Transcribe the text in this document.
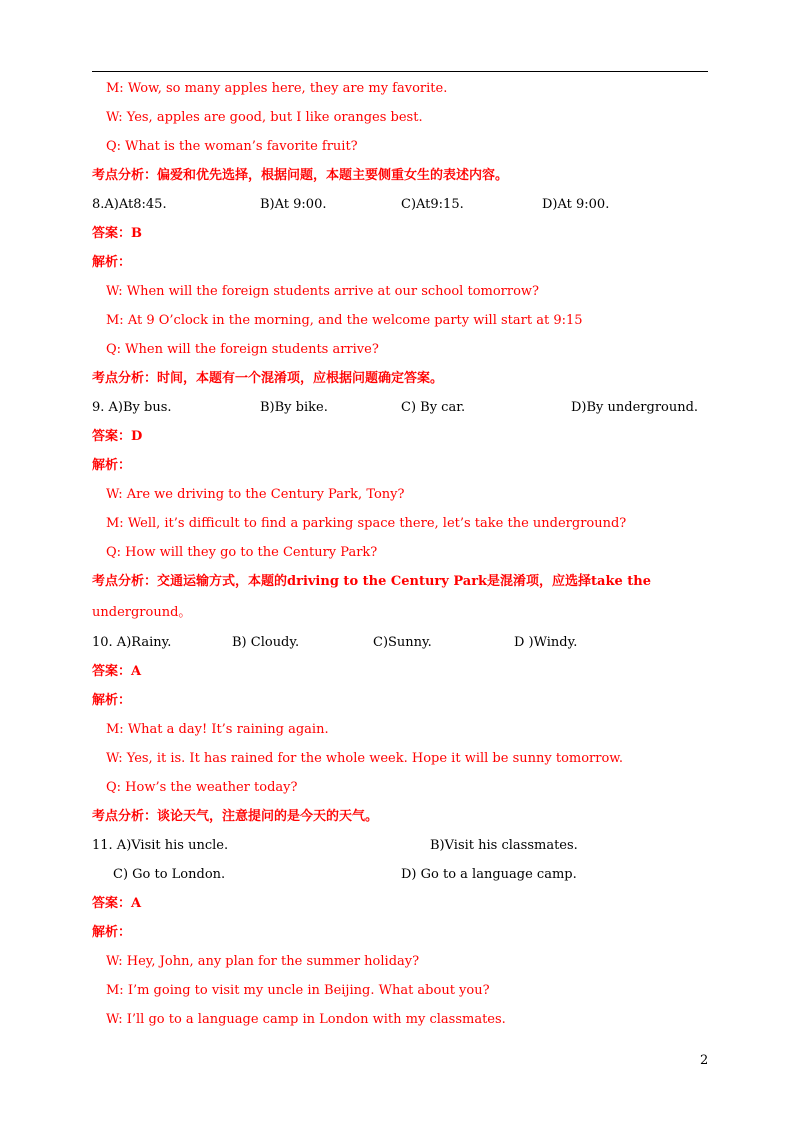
M: Wow, so many apples here, they are my favorite.
W: Yes, apples are good, but I like oranges best.
Q: What is the woman’s favorite fruit?
考点分析：偏爱和优先选择，根据问题，本题主要侧重女生的表述内容。
8.A)At8:45.	B)At 9:00.	C)At9:15.	D)At 9:00.
答案：B
解析：
W: When will the foreign students arrive at our school tomorrow?
M: At 9 O’clock in the morning, and the welcome party will start at 9:15
Q: When will the foreign students arrive?
考点分析：时间，本题有一个混淆项，应根据问题确定答案。
9. A)By bus.	B)By bike.	C) By car.	D)By underground.
答案：D
解析：
W: Are we driving to the Century Park, Tony?
M: Well, it’s difficult to find a parking space there, let’s take the underground?
Q: How will they go to the Century Park?
考点分析：交通运输方式，本题的driving to the Century Park是混淆项，应选择take the
underground。
10. A)Rainy.	B) Cloudy.	C)Sunny.	D )Windy.
答案：A
解析：
M: What a day! It’s raining again.
W: Yes, it is. It has rained for the whole week. Hope it will be sunny tomorrow.
Q: How’s the weather today?
考点分析：谈论天气，注意提问的是今天的天气。
11. A)Visit his uncle.	B)Visit his classmates.
C) Go to London.	D) Go to a language camp.
答案：A
解析：
W: Hey, John, any plan for the summer holiday?
M: I’m going to visit my uncle in Beijing. What about you?
W: I’ll go to a language camp in London with my classmates.
2
